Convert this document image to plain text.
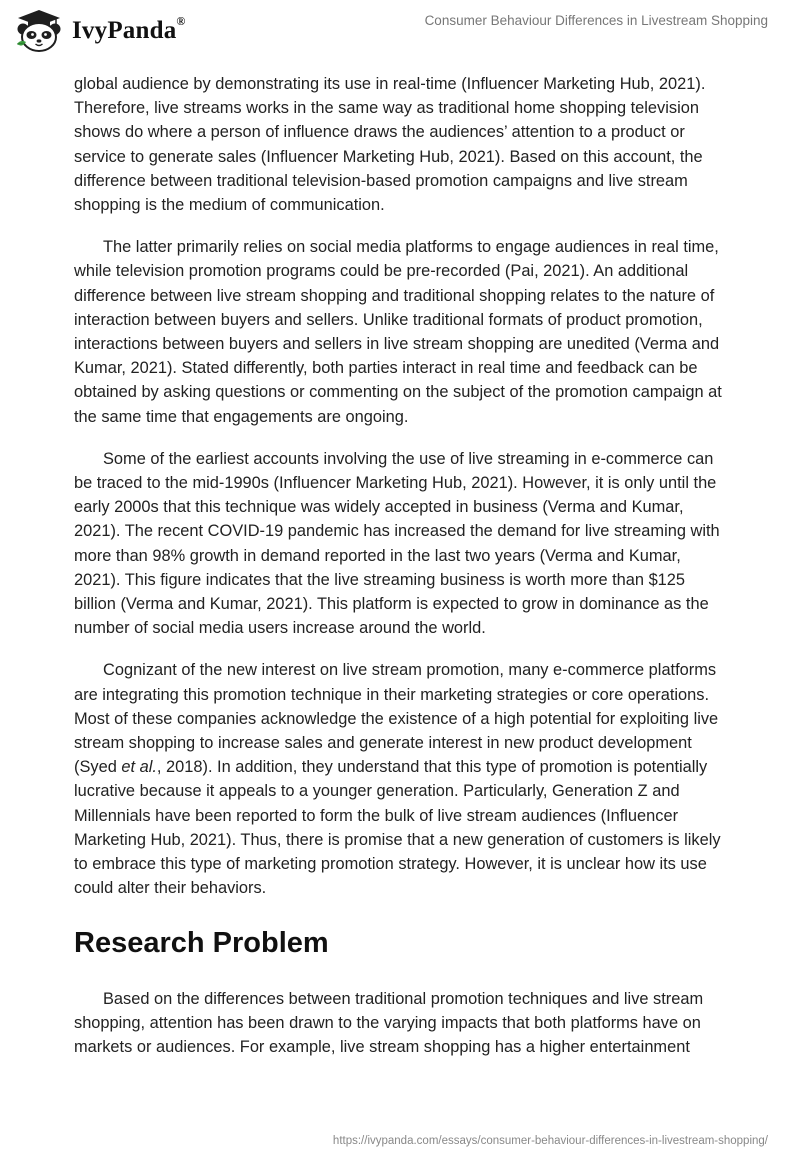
IvyPanda®	Consumer Behaviour Differences in Livestream Shopping

global audience by demonstrating its use in real-time (Influencer Marketing Hub, 2021). Therefore, live streams works in the same way as traditional home shopping television shows do where a person of influence draws the audiences’ attention to a product or service to generate sales (Influencer Marketing Hub, 2021). Based on this account, the difference between traditional television-based promotion campaigns and live stream shopping is the medium of communication.

The latter primarily relies on social media platforms to engage audiences in real time, while television promotion programs could be pre-recorded (Pai, 2021). An additional difference between live stream shopping and traditional shopping relates to the nature of interaction between buyers and sellers. Unlike traditional formats of product promotion, interactions between buyers and sellers in live stream shopping are unedited (Verma and Kumar, 2021). Stated differently, both parties interact in real time and feedback can be obtained by asking questions or commenting on the subject of the promotion campaign at the same time that engagements are ongoing.

Some of the earliest accounts involving the use of live streaming in e-commerce can be traced to the mid-1990s (Influencer Marketing Hub, 2021). However, it is only until the early 2000s that this technique was widely accepted in business (Verma and Kumar, 2021). The recent COVID-19 pandemic has increased the demand for live streaming with more than 98% growth in demand reported in the last two years (Verma and Kumar, 2021). This figure indicates that the live streaming business is worth more than $125 billion (Verma and Kumar, 2021). This platform is expected to grow in dominance as the number of social media users increase around the world.

Cognizant of the new interest on live stream promotion, many e-commerce platforms are integrating this promotion technique in their marketing strategies or core operations. Most of these companies acknowledge the existence of a high potential for exploiting live stream shopping to increase sales and generate interest in new product development (Syed et al., 2018). In addition, they understand that this type of promotion is potentially lucrative because it appeals to a younger generation. Particularly, Generation Z and Millennials have been reported to form the bulk of live stream audiences (Influencer Marketing Hub, 2021). Thus, there is promise that a new generation of customers is likely to embrace this type of marketing promotion strategy. However, it is unclear how its use could alter their behaviors.

Research Problem

Based on the differences between traditional promotion techniques and live stream shopping, attention has been drawn to the varying impacts that both platforms have on markets or audiences. For example, live stream shopping has a higher entertainment

https://ivypanda.com/essays/consumer-behaviour-differences-in-livestream-shopping/
